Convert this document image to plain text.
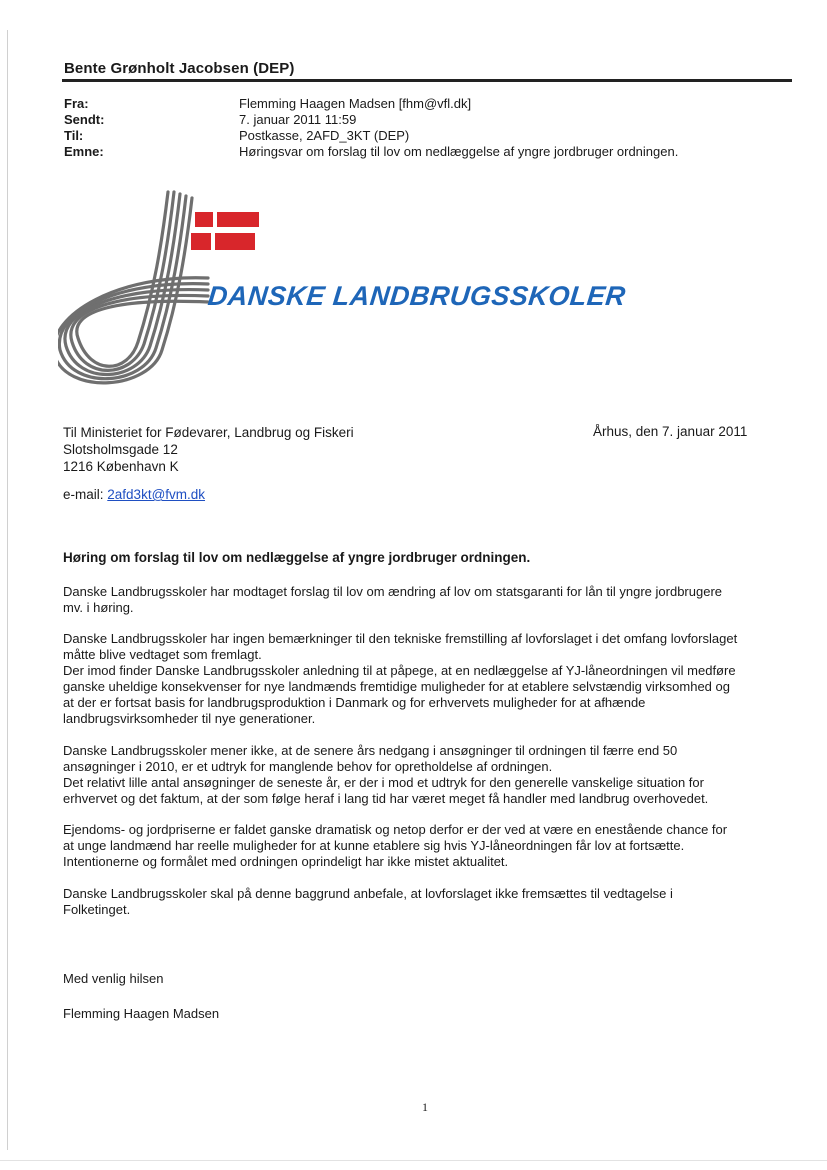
Bente Grønholt Jacobsen (DEP)
Fra:	Flemming Haagen Madsen [fhm@vfl.dk]
Sendt:	7. januar 2011 11:59
Til:	Postkasse, 2AFD_3KT (DEP)
Emne:	Høringsvar om forslag til lov om nedlæggelse af yngre jordbruger ordningen.
DANSKE LANDBRUGSSKOLER
Til Ministeriet for Fødevarer, Landbrug og Fiskeri
Slotsholmsgade 12
1216 København K
Århus, den 7. januar 2011
e-mail: 2afd3kt@fvm.dk
Høring om forslag til lov om nedlæggelse af yngre jordbruger ordningen.
Danske Landbrugsskoler har modtaget forslag til lov om ændring af lov om statsgaranti for lån til yngre jordbrugere
mv. i høring.
Danske Landbrugsskoler har ingen bemærkninger til den tekniske fremstilling af lovforslaget i det omfang lovforslaget
måtte blive vedtaget som fremlagt.
Der imod finder Danske Landbrugsskoler anledning til at påpege, at en nedlæggelse af YJ-låneordningen vil medføre
ganske uheldige konsekvenser for nye landmænds fremtidige muligheder for at etablere selvstændig virksomhed og
at der er fortsat basis for landbrugsproduktion i Danmark og for erhvervets muligheder for at afhænde
landbrugsvirksomheder til nye generationer.
Danske Landbrugsskoler mener ikke, at de senere års nedgang i ansøgninger til ordningen til færre end 50
ansøgninger i 2010, er et udtryk for manglende behov for opretholdelse af ordningen.
Det relativt lille antal ansøgninger de seneste år, er der i mod et udtryk for den generelle vanskelige situation for
erhvervet og det faktum, at der som følge heraf i lang tid har været meget få handler med landbrug overhovedet.
Ejendoms- og jordpriserne er faldet ganske dramatisk og netop derfor er der ved at være en enestående chance for
at unge landmænd har reelle muligheder for at kunne etablere sig hvis YJ-låneordningen får lov at fortsætte.
Intentionerne og formålet med ordningen oprindeligt har ikke mistet aktualitet.
Danske Landbrugsskoler skal på denne baggrund anbefale, at lovforslaget ikke fremsættes til vedtagelse i
Folketinget.
Med venlig hilsen
Flemming Haagen Madsen
1
